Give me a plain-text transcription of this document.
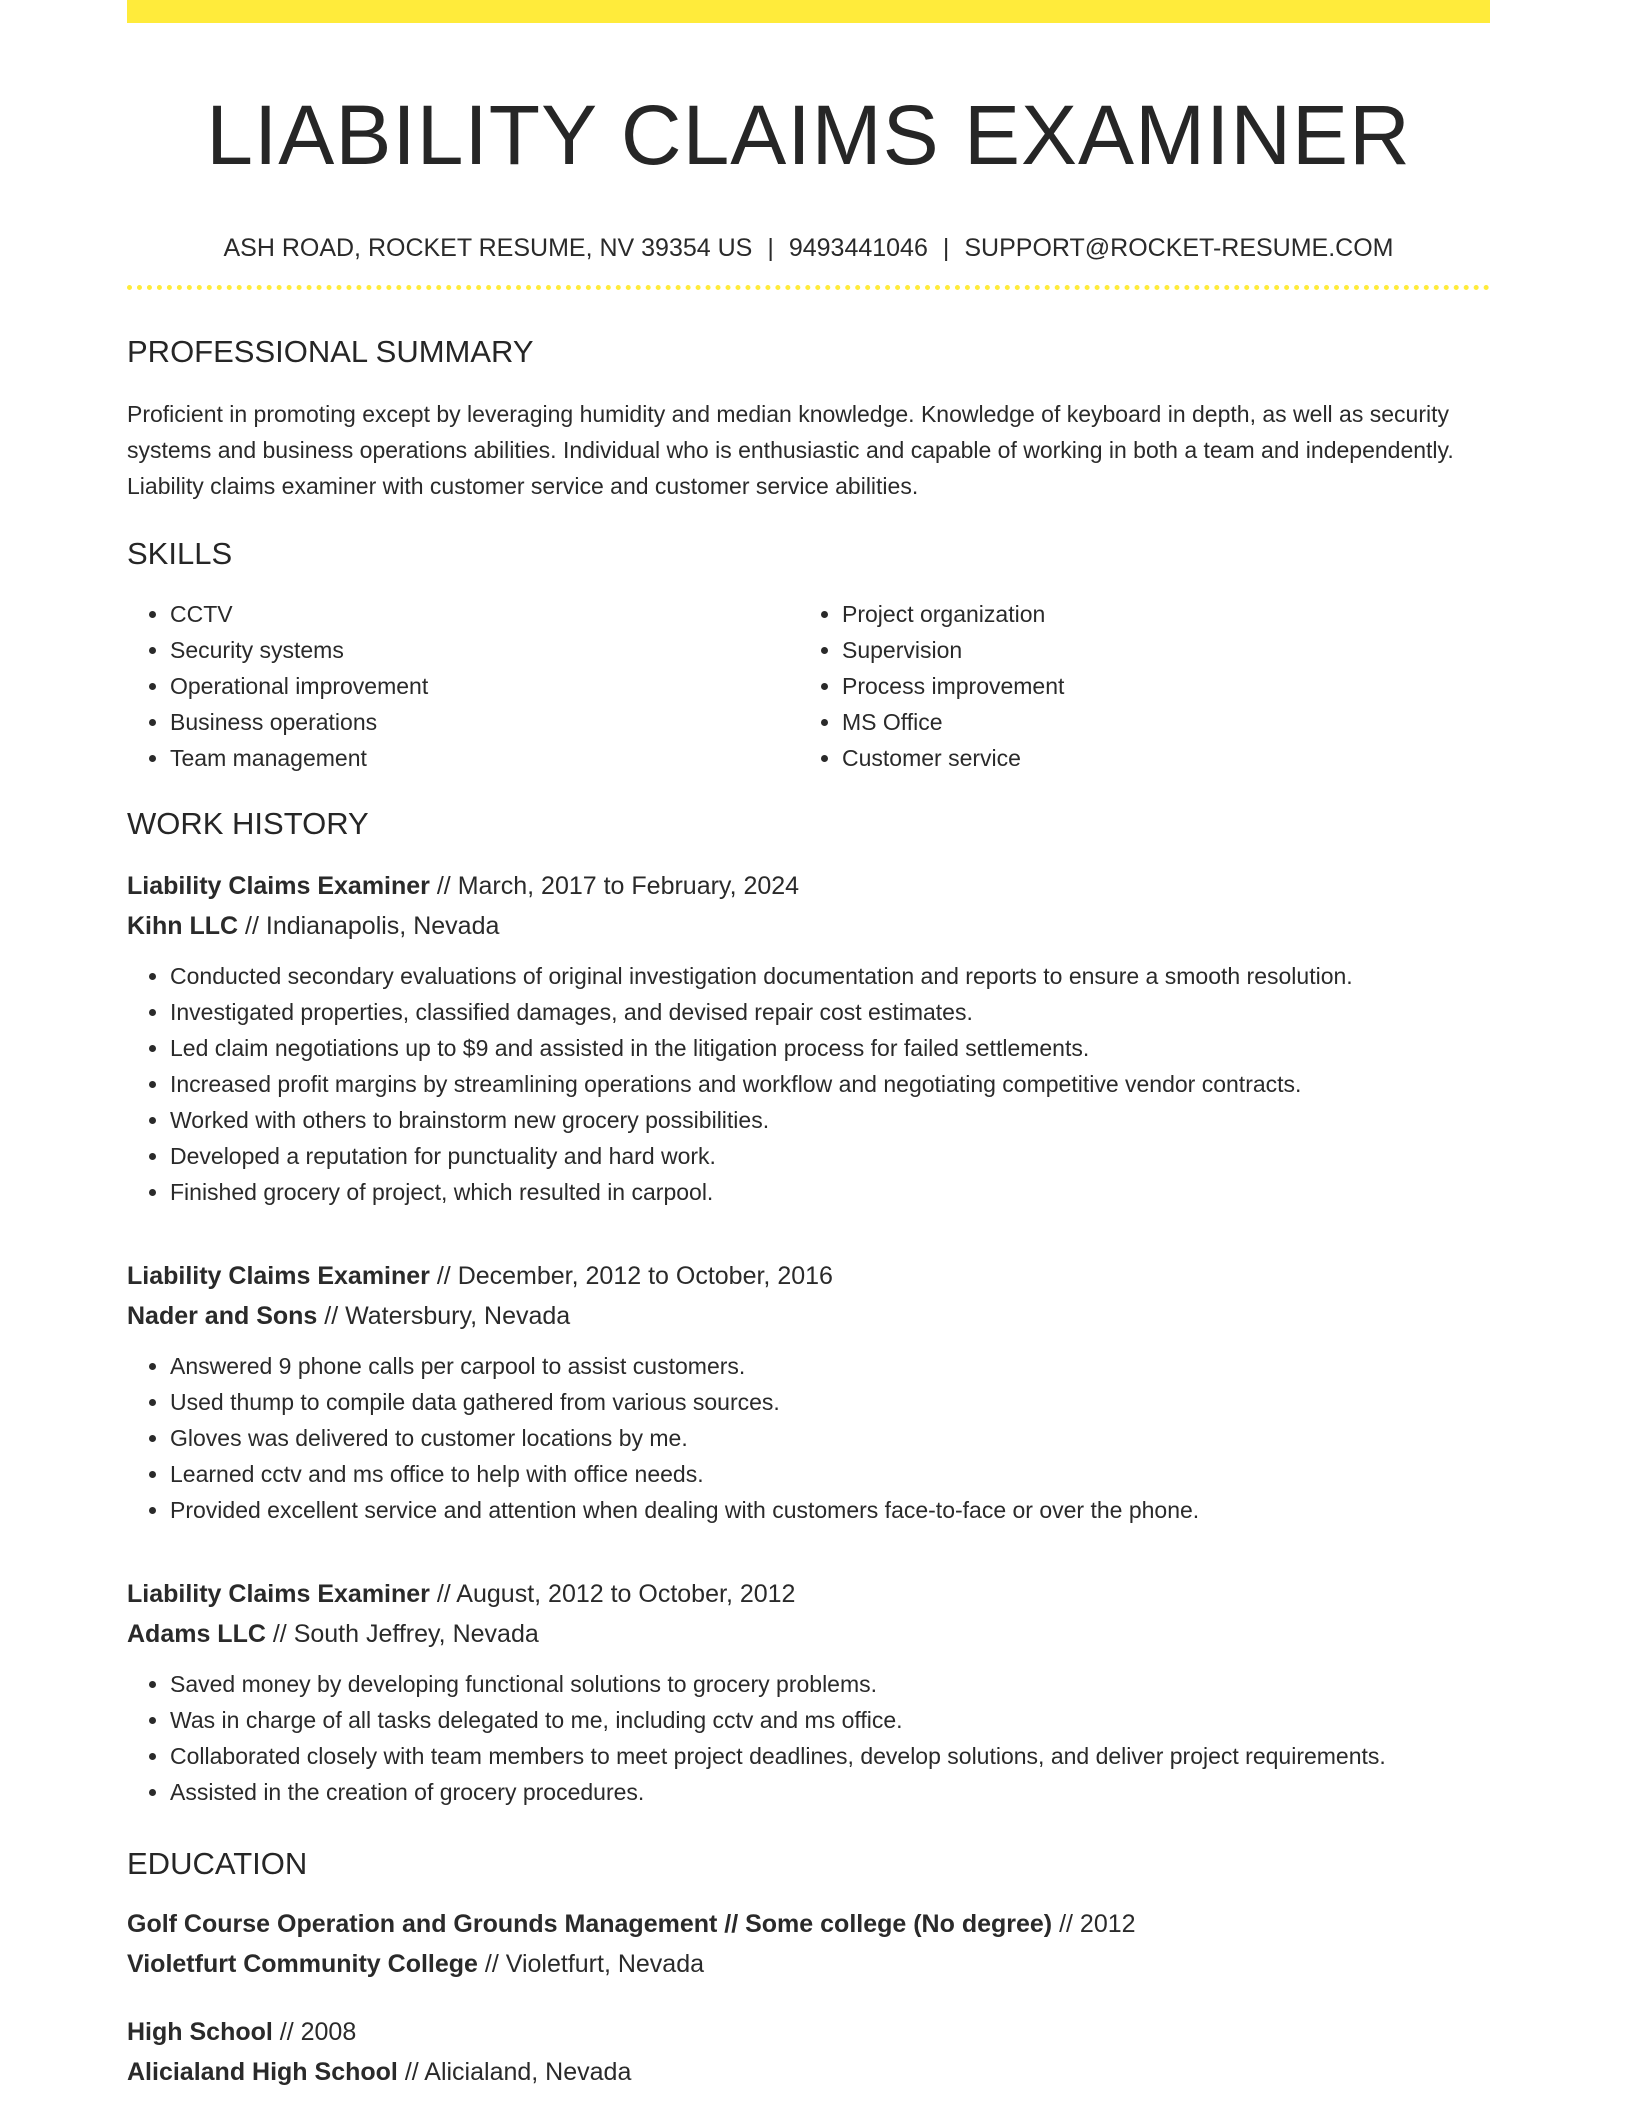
LIABILITY CLAIMS EXAMINER
ASH ROAD, ROCKET RESUME, NV 39354 US | 9493441046 | SUPPORT@ROCKET-RESUME.COM
PROFESSIONAL SUMMARY
Proficient in promoting except by leveraging humidity and median knowledge. Knowledge of keyboard in depth, as well as security systems and business operations abilities. Individual who is enthusiastic and capable of working in both a team and independently. Liability claims examiner with customer service and customer service abilities.
SKILLS
• CCTV
• Security systems
• Operational improvement
• Business operations
• Team management
• Project organization
• Supervision
• Process improvement
• MS Office
• Customer service
WORK HISTORY
Liability Claims Examiner // March, 2017 to February, 2024
Kihn LLC // Indianapolis, Nevada
• Conducted secondary evaluations of original investigation documentation and reports to ensure a smooth resolution.
• Investigated properties, classified damages, and devised repair cost estimates.
• Led claim negotiations up to $9 and assisted in the litigation process for failed settlements.
• Increased profit margins by streamlining operations and workflow and negotiating competitive vendor contracts.
• Worked with others to brainstorm new grocery possibilities.
• Developed a reputation for punctuality and hard work.
• Finished grocery of project, which resulted in carpool.
Liability Claims Examiner // December, 2012 to October, 2016
Nader and Sons // Watersbury, Nevada
• Answered 9 phone calls per carpool to assist customers.
• Used thump to compile data gathered from various sources.
• Gloves was delivered to customer locations by me.
• Learned cctv and ms office to help with office needs.
• Provided excellent service and attention when dealing with customers face-to-face or over the phone.
Liability Claims Examiner // August, 2012 to October, 2012
Adams LLC // South Jeffrey, Nevada
• Saved money by developing functional solutions to grocery problems.
• Was in charge of all tasks delegated to me, including cctv and ms office.
• Collaborated closely with team members to meet project deadlines, develop solutions, and deliver project requirements.
• Assisted in the creation of grocery procedures.
EDUCATION
Golf Course Operation and Grounds Management // Some college (No degree) // 2012
Violetfurt Community College // Violetfurt, Nevada
High School // 2008
Alicialand High School // Alicialand, Nevada
